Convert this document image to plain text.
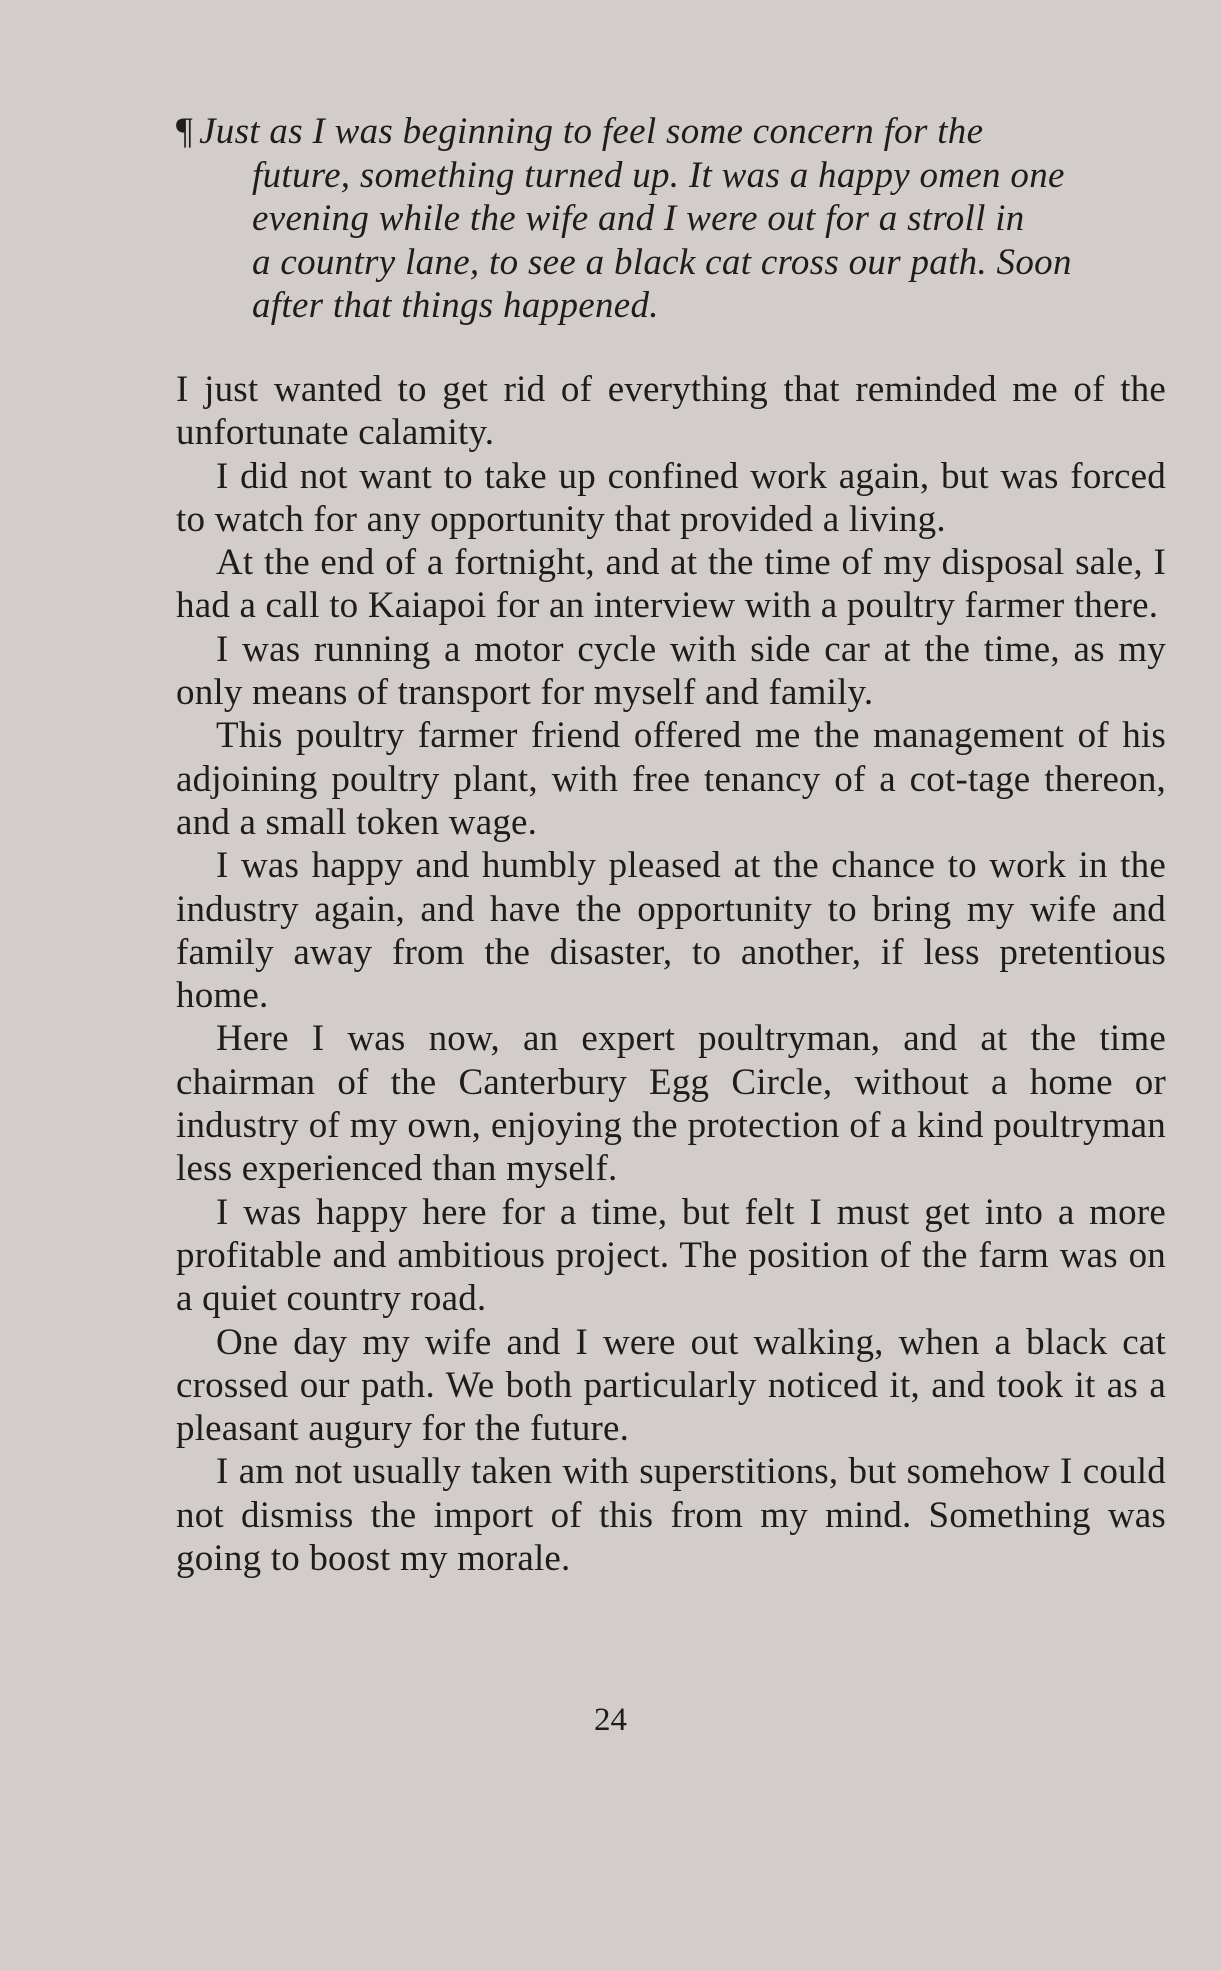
¶ Just as I was beginning to feel some concern for the
future, something turned up. It was a happy omen one
evening while the wife and I were out for a stroll in
a country lane, to see a black cat cross our path. Soon
after that things happened.

I just wanted to get rid of everything that reminded me of the unfortunate calamity.

I did not want to take up confined work again, but was forced to watch for any opportunity that provided a living.

At the end of a fortnight, and at the time of my disposal sale, I had a call to Kaiapoi for an interview with a poultry farmer there.

I was running a motor cycle with side car at the time, as my only means of transport for myself and family.

This poultry farmer friend offered me the management of his adjoining poultry plant, with free tenancy of a cot-tage thereon, and a small token wage.

I was happy and humbly pleased at the chance to work in the industry again, and have the opportunity to bring my wife and family away from the disaster, to another, if less pretentious home.

Here I was now, an expert poultryman, and at the time chairman of the Canterbury Egg Circle, without a home or industry of my own, enjoying the protection of a kind poultryman less experienced than myself.

I was happy here for a time, but felt I must get into a more profitable and ambitious project. The position of the farm was on a quiet country road.

One day my wife and I were out walking, when a black cat crossed our path. We both particularly noticed it, and took it as a pleasant augury for the future.

I am not usually taken with superstitions, but somehow I could not dismiss the import of this from my mind. Something was going to boost my morale.

24
